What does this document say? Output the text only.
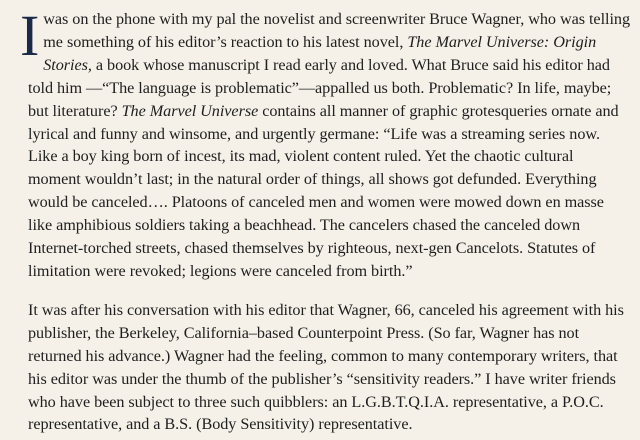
Iwas on the phone with my pal the novelist and screenwriter Bruce Wagner, who was telling me something of his editor’s reaction to his latest novel, The Marvel Universe: Origin Stories, a book whose manuscript I read early and loved. What Bruce said his editor had told him —“The language is problematic”—appalled us both. Problematic? In life, maybe; but literature? The Marvel Universe contains all manner of graphic grotesqueries ornate and lyrical and funny and winsome, and urgently germane: “Life was a streaming series now. Like a boy king born of incest, its mad, violent content ruled. Yet the chaotic cultural moment wouldn’t last; in the natural order of things, all shows got defunded. Everything would be canceled…. Platoons of canceled men and women were mowed down en masse like amphibious soldiers taking a beachhead. The cancelers chased the canceled down Internet-torched streets, chased themselves by righteous, next-gen Cancelots. Statutes of limitation were revoked; legions were canceled from birth.”

It was after his conversation with his editor that Wagner, 66, canceled his agreement with his publisher, the Berkeley, California–based Counterpoint Press. (So far, Wagner has not returned his advance.) Wagner had the feeling, common to many contemporary writers, that his editor was under the thumb of the publisher’s “sensitivity readers.” I have writer friends who have been subject to three such quibblers: an L.G.B.T.Q.I.A. representative, a P.O.C. representative, and a B.S. (Body Sensitivity) representative.
